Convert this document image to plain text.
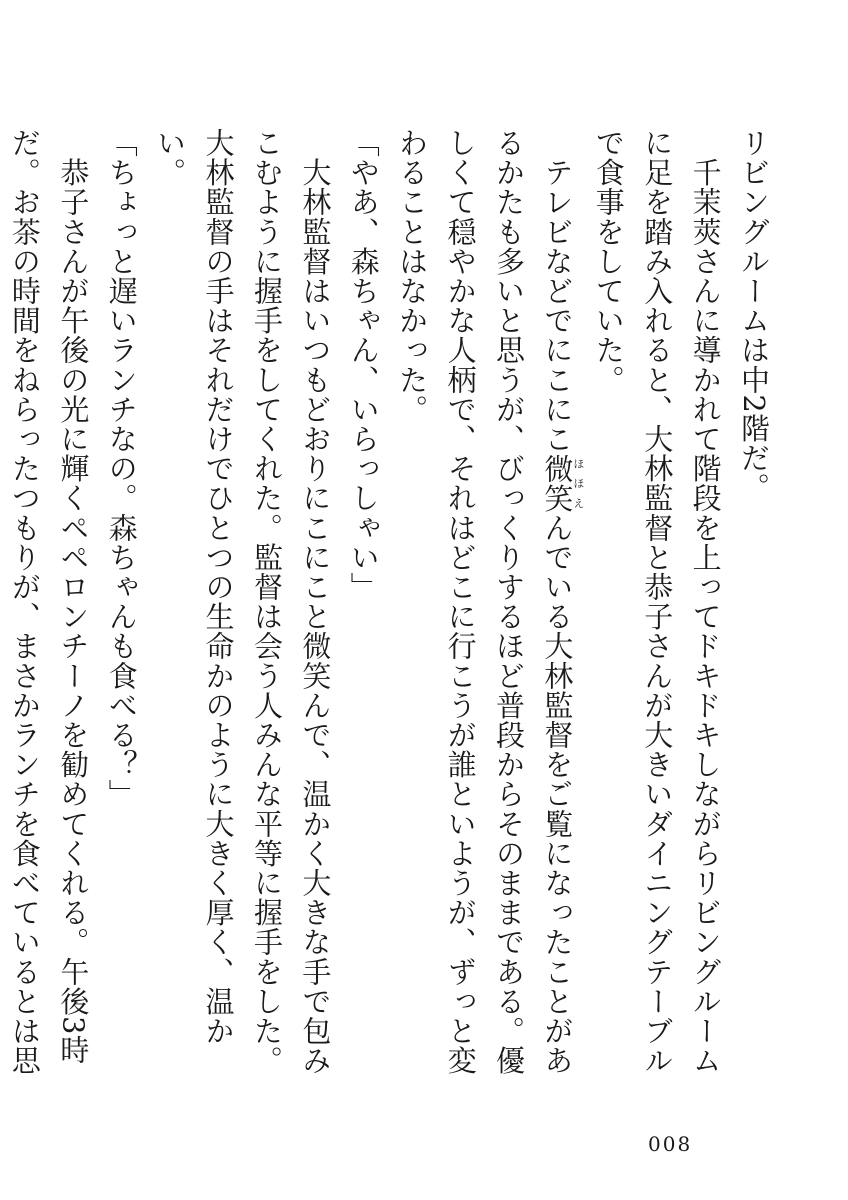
リビングルームは中2階だ。

　千茉莢さんに導かれて階段を上ってドキドキしながらリビングルームに足を踏み入れると、大林監督と恭子さんが大きいダイニングテーブルで食事をしていた。

　テレビなどでにこにこ微笑ほほえんでいる大林監督をご覧になったことがあるかたも多いと思うが、びっくりするほど普段からそのままである。優しくて穏やかな人柄で、それはどこに行こうが誰といようが、ずっと変わることはなかった。

「やあ、森ちゃん、いらっしゃい」

　大林監督はいつもどおりにこにこと微笑んで、温かく大きな手で包みこむように握手をしてくれた。監督は会う人みんな平等に握手をした。大林監督の手はそれだけでひとつの生命かのように大きく厚く、温かい。

「ちょっと遅いランチなの。森ちゃんも食べる？」

　恭子さんが午後の光に輝くペペロンチーノを勧めてくれる。午後3時だ。お茶の時間をねらったつもりが、まさかランチを食べているとは思

008
